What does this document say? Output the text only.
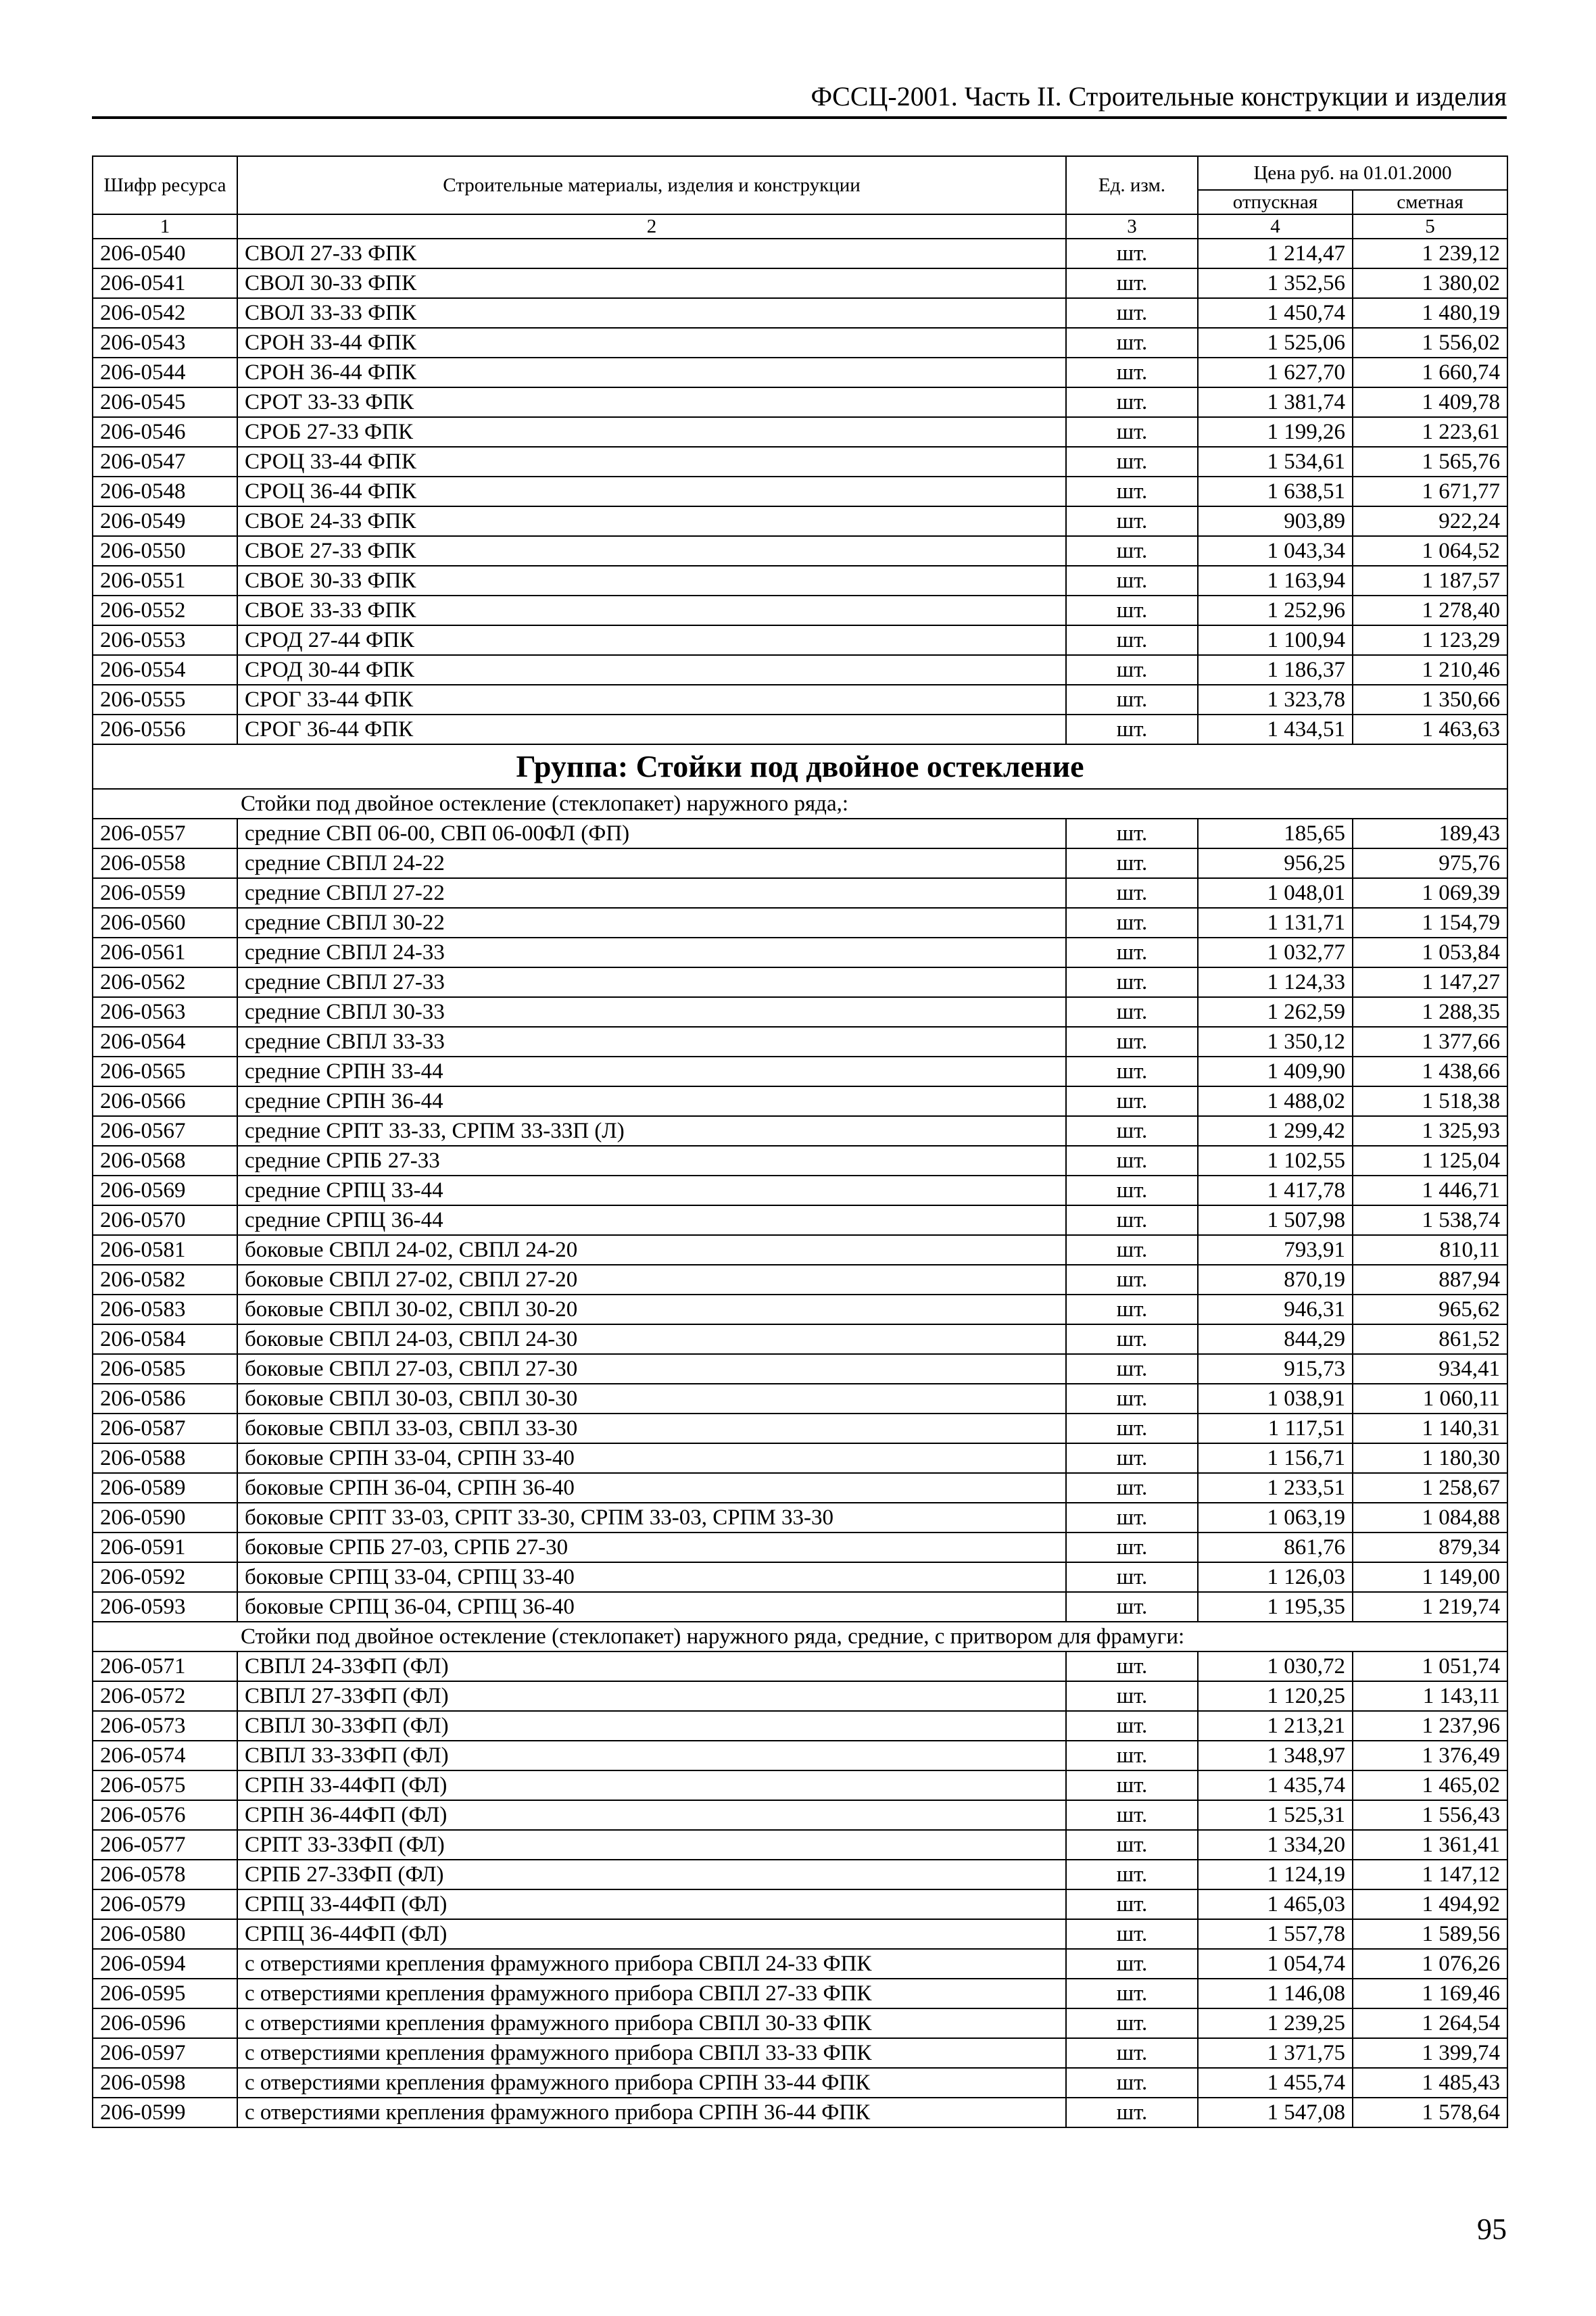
ФССЦ-2001. Часть II. Строительные конструкции и изделия
Шифр ресурса	Строительные материалы, изделия и конструкции	Ед. изм.	Цена руб. на 01.01.2000	
			отпускная	сметная
1	2	3	4	5
206-0540	СВОЛ 27-33 ФПК	шт.	1 214,47	1 239,12
206-0541	СВОЛ 30-33 ФПК	шт.	1 352,56	1 380,02
206-0542	СВОЛ 33-33 ФПК	шт.	1 450,74	1 480,19
206-0543	СРОН 33-44 ФПК	шт.	1 525,06	1 556,02
206-0544	СРОН 36-44 ФПК	шт.	1 627,70	1 660,74
206-0545	СРОТ 33-33 ФПК	шт.	1 381,74	1 409,78
206-0546	СРОБ 27-33 ФПК	шт.	1 199,26	1 223,61
206-0547	СРОЦ 33-44 ФПК	шт.	1 534,61	1 565,76
206-0548	СРОЦ 36-44 ФПК	шт.	1 638,51	1 671,77
206-0549	СВОЕ 24-33 ФПК	шт.	903,89	922,24
206-0550	СВОЕ 27-33 ФПК	шт.	1 043,34	1 064,52
206-0551	СВОЕ 30-33 ФПК	шт.	1 163,94	1 187,57
206-0552	СВОЕ 33-33 ФПК	шт.	1 252,96	1 278,40
206-0553	СРОД 27-44 ФПК	шт.	1 100,94	1 123,29
206-0554	СРОД 30-44 ФПК	шт.	1 186,37	1 210,46
206-0555	СРОГ 33-44 ФПК	шт.	1 323,78	1 350,66
206-0556	СРОГ 36-44 ФПК	шт.	1 434,51	1 463,63
Группа: Стойки под двойное остекление				
Стойки под двойное остекление (стеклопакет) наружного ряда,:				
206-0557	средние СВП 06-00, СВП 06-00ФЛ (ФП)	шт.	185,65	189,43
206-0558	средние СВПЛ 24-22	шт.	956,25	975,76
206-0559	средние СВПЛ 27-22	шт.	1 048,01	1 069,39
206-0560	средние СВПЛ 30-22	шт.	1 131,71	1 154,79
206-0561	средние СВПЛ 24-33	шт.	1 032,77	1 053,84
206-0562	средние СВПЛ 27-33	шт.	1 124,33	1 147,27
206-0563	средние СВПЛ 30-33	шт.	1 262,59	1 288,35
206-0564	средние СВПЛ 33-33	шт.	1 350,12	1 377,66
206-0565	средние СРПН 33-44	шт.	1 409,90	1 438,66
206-0566	средние СРПН 36-44	шт.	1 488,02	1 518,38
206-0567	средние СРПТ 33-33, СРПМ 33-33П (Л)	шт.	1 299,42	1 325,93
206-0568	средние СРПБ 27-33	шт.	1 102,55	1 125,04
206-0569	средние СРПЦ 33-44	шт.	1 417,78	1 446,71
206-0570	средние СРПЦ 36-44	шт.	1 507,98	1 538,74
206-0581	боковые СВПЛ 24-02, СВПЛ 24-20	шт.	793,91	810,11
206-0582	боковые СВПЛ 27-02, СВПЛ 27-20	шт.	870,19	887,94
206-0583	боковые СВПЛ 30-02, СВПЛ 30-20	шт.	946,31	965,62
206-0584	боковые СВПЛ 24-03, СВПЛ 24-30	шт.	844,29	861,52
206-0585	боковые СВПЛ 27-03, СВПЛ 27-30	шт.	915,73	934,41
206-0586	боковые СВПЛ 30-03, СВПЛ 30-30	шт.	1 038,91	1 060,11
206-0587	боковые СВПЛ 33-03, СВПЛ 33-30	шт.	1 117,51	1 140,31
206-0588	боковые СРПН 33-04, СРПН 33-40	шт.	1 156,71	1 180,30
206-0589	боковые СРПН 36-04, СРПН 36-40	шт.	1 233,51	1 258,67
206-0590	боковые СРПТ 33-03, СРПТ 33-30, СРПМ 33-03, СРПМ 33-30	шт.	1 063,19	1 084,88
206-0591	боковые СРПБ 27-03, СРПБ 27-30	шт.	861,76	879,34
206-0592	боковые СРПЦ 33-04, СРПЦ 33-40	шт.	1 126,03	1 149,00
206-0593	боковые СРПЦ 36-04, СРПЦ 36-40	шт.	1 195,35	1 219,74
Стойки под двойное остекление (стеклопакет) наружного ряда, средние, с притвором для фрамуги:				
206-0571	СВПЛ 24-33ФП (ФЛ)	шт.	1 030,72	1 051,74
206-0572	СВПЛ 27-33ФП (ФЛ)	шт.	1 120,25	1 143,11
206-0573	СВПЛ 30-33ФП (ФЛ)	шт.	1 213,21	1 237,96
206-0574	СВПЛ 33-33ФП (ФЛ)	шт.	1 348,97	1 376,49
206-0575	СРПН 33-44ФП (ФЛ)	шт.	1 435,74	1 465,02
206-0576	СРПН 36-44ФП (ФЛ)	шт.	1 525,31	1 556,43
206-0577	СРПТ 33-33ФП (ФЛ)	шт.	1 334,20	1 361,41
206-0578	СРПБ 27-33ФП (ФЛ)	шт.	1 124,19	1 147,12
206-0579	СРПЦ 33-44ФП (ФЛ)	шт.	1 465,03	1 494,92
206-0580	СРПЦ 36-44ФП (ФЛ)	шт.	1 557,78	1 589,56
206-0594	с отверстиями крепления фрамужного прибора СВПЛ 24-33 ФПК	шт.	1 054,74	1 076,26
206-0595	с отверстиями крепления фрамужного прибора СВПЛ 27-33 ФПК	шт.	1 146,08	1 169,46
206-0596	с отверстиями крепления фрамужного прибора СВПЛ 30-33 ФПК	шт.	1 239,25	1 264,54
206-0597	с отверстиями крепления фрамужного прибора СВПЛ 33-33 ФПК	шт.	1 371,75	1 399,74
206-0598	с отверстиями крепления фрамужного прибора СРПН 33-44 ФПК	шт.	1 455,74	1 485,43
206-0599	с отверстиями крепления фрамужного прибора СРПН 36-44 ФПК	шт.	1 547,08	1 578,64
95
